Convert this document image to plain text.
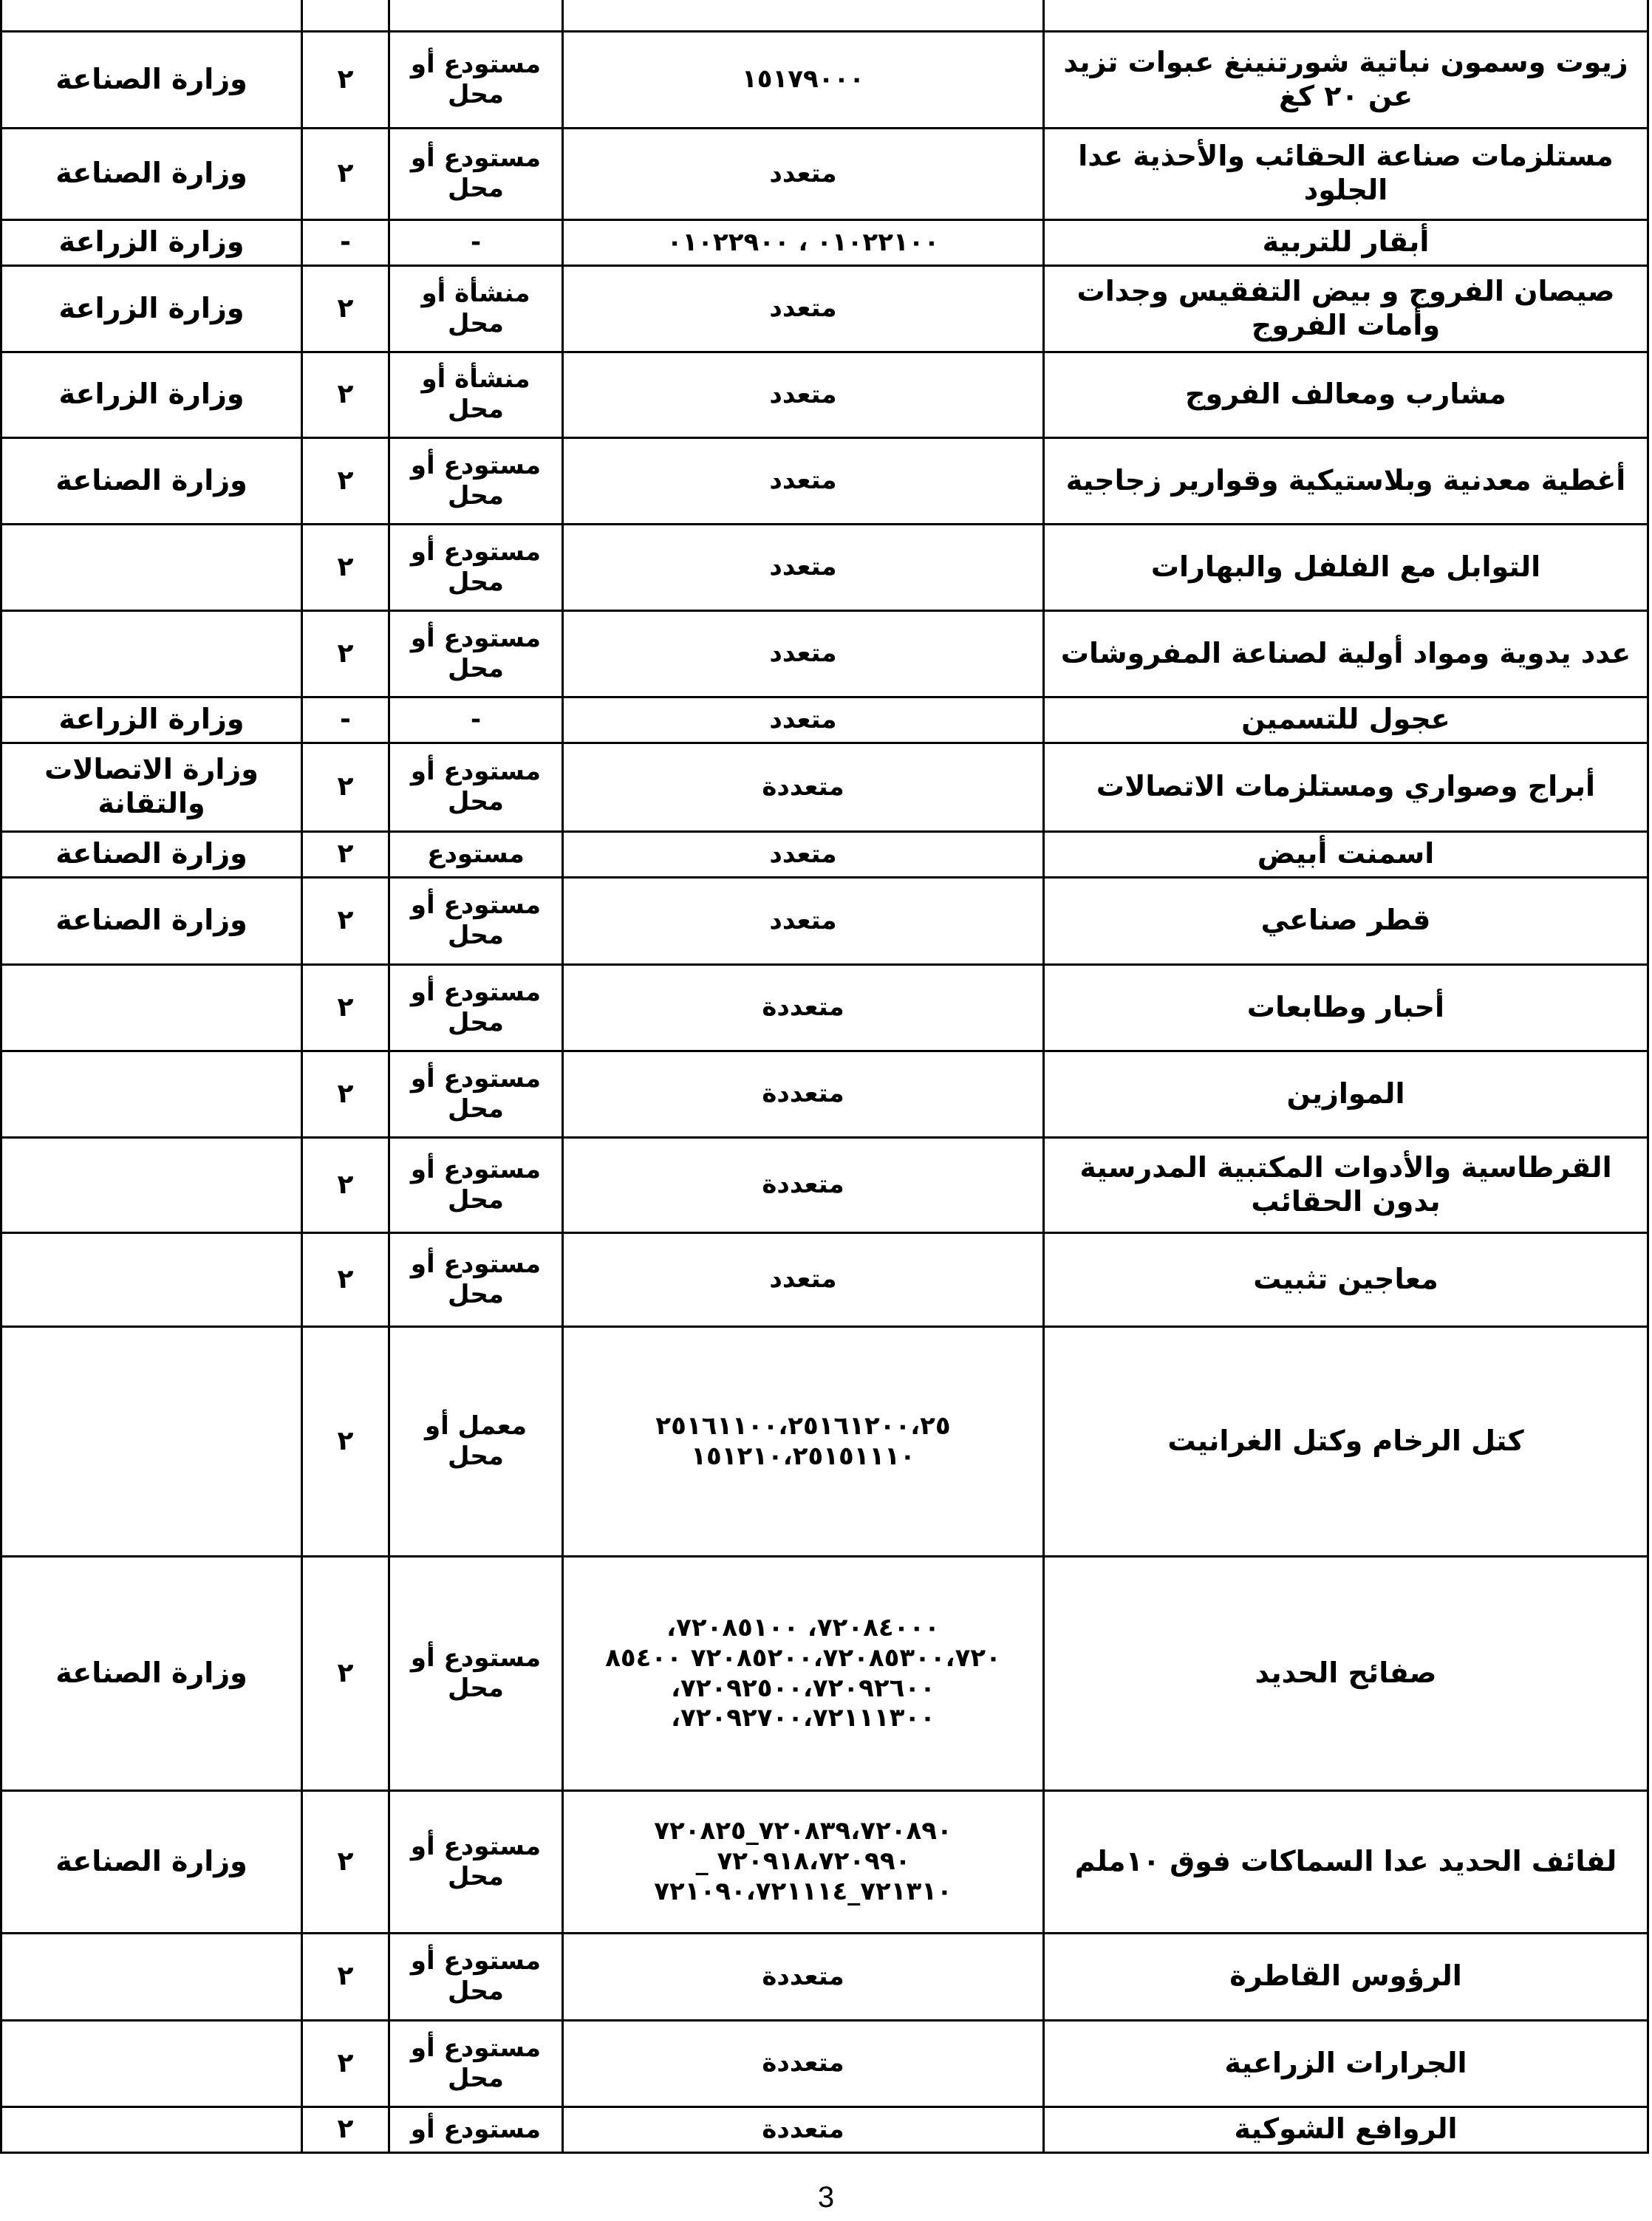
زيوت وسمون نباتية شورتنينغ عبوات تزيد عن ٢٠ كغ	١٥١٧٩٠٠٠	مستودع أو محل	٢	وزارة الصناعة
مستلزمات صناعة الحقائب والأحذية عدا الجلود	متعدد	مستودع أو محل	٢	وزارة الصناعة
أبقار للتربية	٠١٠٢٢١٠٠ ، ٠١٠٢٢٩٠٠	-	-	وزارة الزراعة
صيصان الفروج و بيض التفقيس وجدات وأمات الفروج	متعدد	منشأة أو محل	٢	وزارة الزراعة
مشارب ومعالف الفروج	متعدد	منشأة أو محل	٢	وزارة الزراعة
أغطية معدنية وبلاستيكية وقوارير زجاجية	متعدد	مستودع أو محل	٢	وزارة الصناعة
التوابل مع الفلفل والبهارات	متعدد	مستودع أو محل	٢	
عدد يدوية ومواد أولية لصناعة المفروشات	متعدد	مستودع أو محل	٢	
عجول للتسمين	متعدد	-	-	وزارة الزراعة
أبراج وصواري ومستلزمات الاتصالات	متعددة	مستودع أو محل	٢	وزارة الاتصالات والتقانة
اسمنت أبيض	متعدد	مستودع	٢	وزارة الصناعة
قطر صناعي	متعدد	مستودع أو محل	٢	وزارة الصناعة
أحبار وطابعات	متعددة	مستودع أو محل	٢	
الموازين	متعددة	مستودع أو محل	٢	
القرطاسية والأدوات المكتبية المدرسية بدون الحقائب	متعددة	مستودع أو محل	٢	
معاجين تثبيت	متعدد	مستودع أو محل	٢	
كتل الرخام وكتل الغرانيت	٢٥١٦١١٠٠،٢٥١٦١٢٠٠،٢٥ ١٥١٢١٠،٢٥١٥١١١٠	معمل أو محل	٢	
صفائح الحديد	٧٢٠٨٤٠٠٠، ٧٢٠٨٥١٠٠، ٧٢٠٨٥٢٠٠،٧٢٠٨٥٣٠٠،٧٢٠ ٨٥٤٠٠ ٧٢٠٩٢٥٠٠،٧٢٠٩٢٦٠٠، ٧٢٠٩٢٧٠٠،٧٢١١١٣٠٠،	مستودع أو محل	٢	وزارة الصناعة
لفائف الحديد عدا السماكات فوق ١٠ملم	٧٢٠٨٣٩،٧٢٠٨٩٠_٧٢٠٨٢٥ ٧٢٠٩١٨،٧٢٠٩٩٠ _ ٧٢١٣١٠_٧٢١٠٩٠،٧٢١١١٤	مستودع أو محل	٢	وزارة الصناعة
الرؤوس القاطرة	متعددة	مستودع أو محل	٢	
الجرارات الزراعية	متعددة	مستودع أو محل	٢	
الروافع الشوكية	متعددة	مستودع أو	٢	
3
